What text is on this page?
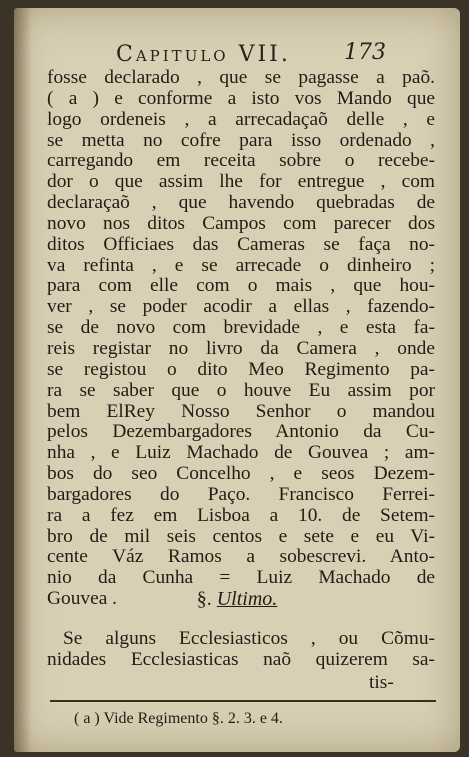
Capitulo VII. 173
fosse declarado , que se pagasse a paõ.
( a ) e conforme a isto vos Mando que
logo ordeneis , a arrecadaçaõ delle , e
se metta no cofre para isso ordenado ,
carregando em receita sobre o recebe-
dor o que assim lhe for entregue , com
declaraçaõ , que havendo quebradas de
novo nos ditos Campos com parecer dos
ditos Officiaes das Cameras se faça no-
va refinta , e se arrecade o dinheiro ;
para com elle com o mais , que hou-
ver , se poder acodir a ellas , fazendo-
se de novo com brevidade , e esta fa-
reis registar no livro da Camera , onde
se registou o dito Meo Regimento pa-
ra se saber que o houve Eu assim por
bem ElRey Nosso Senhor o mandou
pelos Dezembargadores Antonio da Cu-
nha , e Luiz Machado de Gouvea ; am-
bos do seo Concelho , e seos Dezem-
bargadores do Paço. Francisco Ferrei-
ra a fez em Lisboa a 10. de Setem-
bro de mil seis centos e sete e eu Vi-
cente Váz Ramos a sobescrevi. Anto-
nio da Cunha = Luiz Machado de
Gouvea .	§. Ultimo.
Se alguns Ecclesiasticos , ou Cõmu-
nidades Ecclesiasticas naõ quizerem sa-
tis-
( a ) Vide Regimento §. 2. 3. e 4.
